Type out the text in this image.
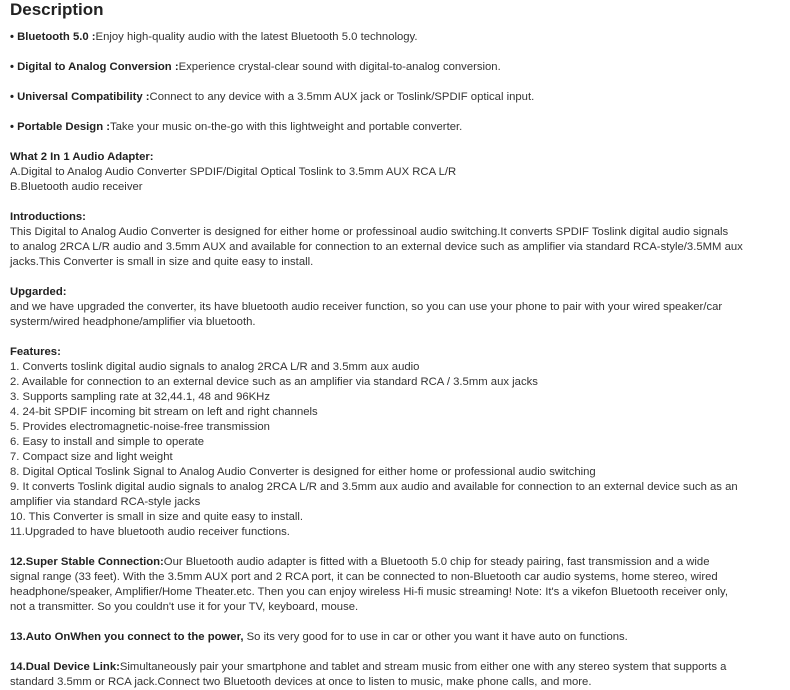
Description

• Bluetooth 5.0 :Enjoy high-quality audio with the latest Bluetooth 5.0 technology.

• Digital to Analog Conversion :Experience crystal-clear sound with digital-to-analog conversion.

• Universal Compatibility :Connect to any device with a 3.5mm AUX jack or Toslink/SPDIF optical input.

• Portable Design :Take your music on-the-go with this lightweight and portable converter.

What 2 In 1 Audio Adapter:

A.Digital to Analog Audio Converter SPDIF/Digital Optical Toslink to 3.5mm AUX RCA L/R

B.Bluetooth audio receiver

Introductions:

This Digital to Analog Audio Converter is designed for either home or professinoal audio switching.It converts SPDIF Toslink digital audio signals

to analog 2RCA L/R audio and 3.5mm AUX and available for connection to an external device such as amplifier via standard RCA-style/3.5MM aux

jacks.This Converter is small in size and quite easy to install.

Upgarded:

and we have upgraded the converter, its have bluetooth audio receiver function, so you can use your phone to pair with your wired speaker/car

systerm/wired headphone/amplifier via bluetooth.

Features:

1. Converts toslink digital audio signals to analog 2RCA L/R and 3.5mm aux audio

2. Available for connection to an external device such as an amplifier via standard RCA / 3.5mm aux jacks

3. Supports sampling rate at 32,44.1, 48 and 96KHz

4. 24-bit SPDIF incoming bit stream on left and right channels

5. Provides electromagnetic-noise-free transmission

6. Easy to install and simple to operate

7. Compact size and light weight

8. Digital Optical Toslink Signal to Analog Audio Converter is designed for either home or professional audio switching

9. It converts Toslink digital audio signals to analog 2RCA L/R and 3.5mm aux audio and available for connection to an external device such as an

amplifier via standard RCA-style jacks

10. This Converter is small in size and quite easy to install.

11.Upgraded to have bluetooth audio receiver functions.

12.Super Stable Connection:Our Bluetooth audio adapter is fitted with a Bluetooth 5.0 chip for steady pairing, fast transmission and a wide

signal range (33 feet). With the 3.5mm AUX port and 2 RCA port, it can be connected to non-Bluetooth car audio systems, home stereo, wired

headphone/speaker, Amplifier/Home Theater.etc. Then you can enjoy wireless Hi-fi music streaming! Note: It's a vikefon Bluetooth receiver only,

not a transmitter. So you couldn't use it for your TV, keyboard, mouse.

13.Auto OnWhen you connect to the power, So its very good for to use in car or other you want it have auto on functions.

14.Dual Device Link:Simultaneously pair your smartphone and tablet and stream music from either one with any stereo system that supports a

standard 3.5mm or RCA jack.Connect two Bluetooth devices at once to listen to music, make phone calls, and more.
